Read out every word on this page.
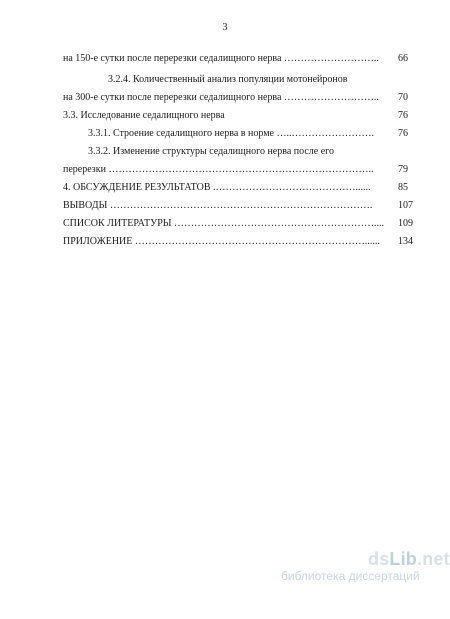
3
на 150-е сутки после перерезки седалищного нерва ……………………….. 66
3.2.4. Количественный анализ популяции мотонейронов
на 300-е сутки после перерезки седалищного нерва ……………………….. 70
3.3. Исследование седалищного нерва	76
3.3.1. Строение седалищного нерва в норме …..……………………. 76
3.3.2. Изменение структуры седалищного нерва после его
перерезки …………………………………………………………………….. 79
4. ОБСУЖДЕНИЕ РЕЗУЛЬТАТОВ .……………………………………......	85
ВЫВОДЫ …………………………………………………………………….	107
СПИСОК ЛИТЕРАТУРЫ …………………………………………………….... 109
ПРИЛОЖЕНИЕ ……………………………………………………………...... 134
dsLib.net
библиотека диссертаций
